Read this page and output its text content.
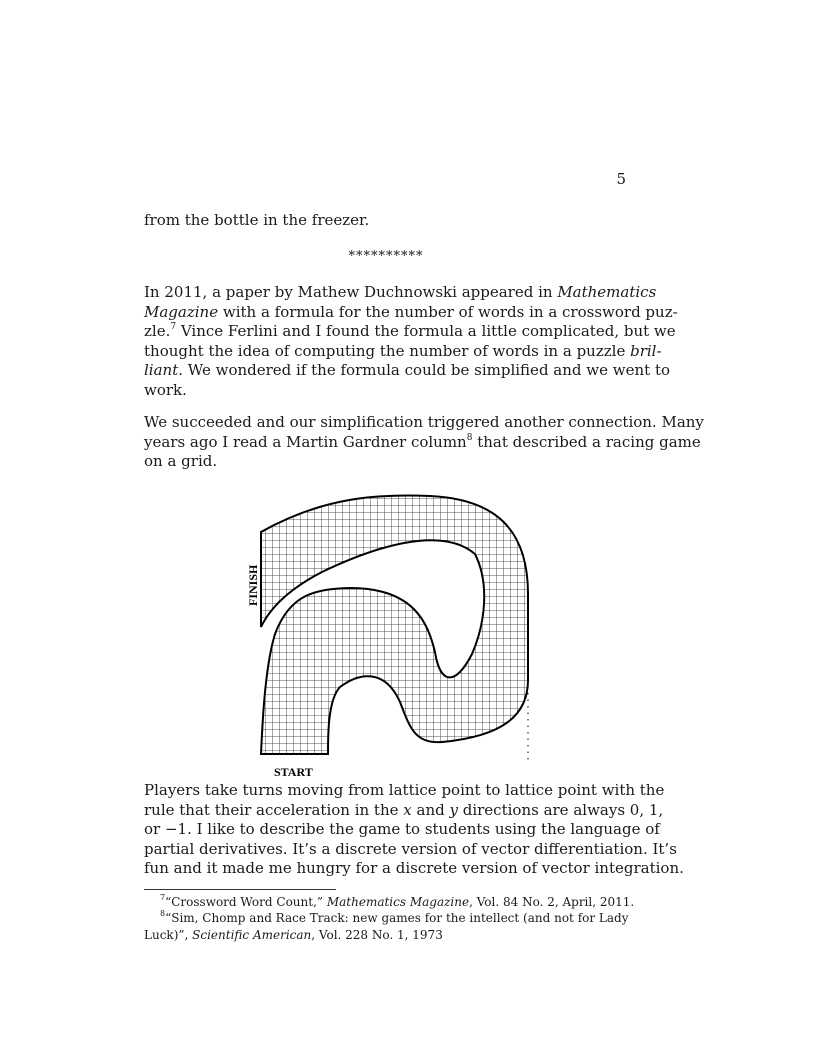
5

from the bottle in the freezer.

**********

In 2011, a paper by Mathew Duchnowski appeared in Mathematics
Magazine with a formula for the number of words in a crossword puz-
zle.$^7$ Vince Ferlini and I found the formula a little complicated, but we
thought the idea of computing the number of words in a puzzle bril-
liant. We wondered if the formula could be simplified and we went to
work.

We succeeded and our simplification triggered another connection. Many
years ago I read a Martin Gardner column$^8$ that described a racing game
on a grid.

FINISH
START

Players take turns moving from lattice point to lattice point with the
rule that their acceleration in the x and y directions are always 0, 1,
or −1. I like to describe the game to students using the language of
partial derivatives. It’s a discrete version of vector differentiation. It’s
fun and it made me hungry for a discrete version of vector integration.

$^7$“Crossword Word Count,” Mathematics Magazine, Vol. 84 No. 2, April, 2011.

$^8$“Sim, Chomp and Race Track: new games for the intellect (and not for Lady
Luck)”, Scientific American, Vol. 228 No. 1, 1973
